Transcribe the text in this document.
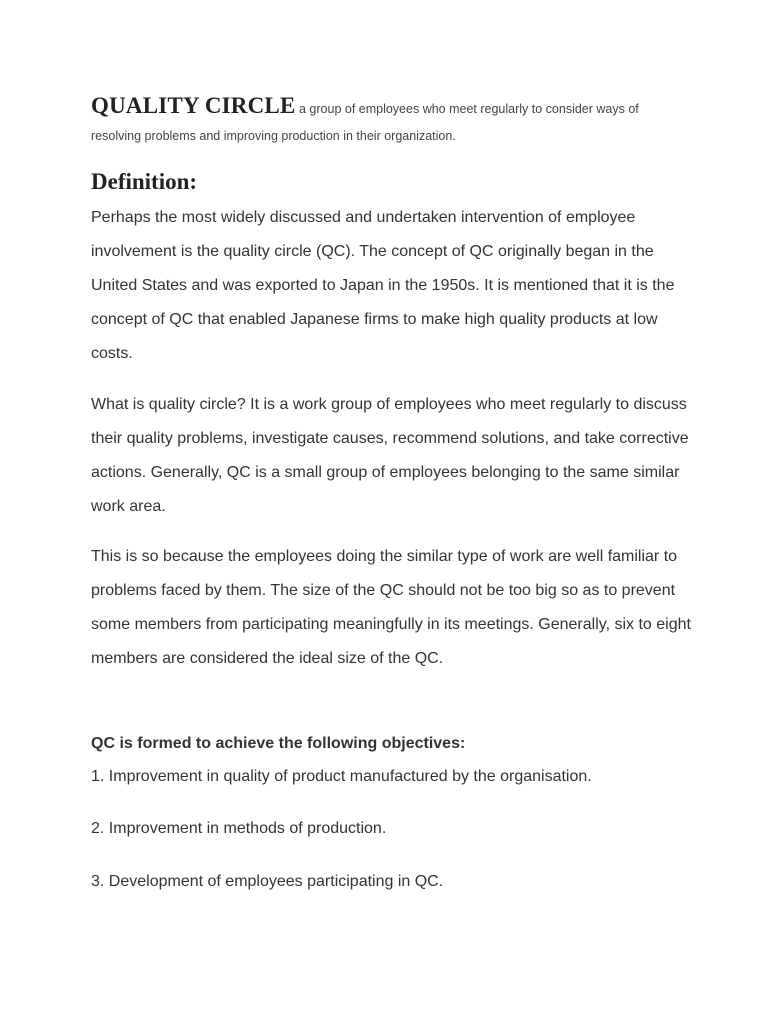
QUALITY CIRCLE a group of employees who meet regularly to consider ways of resolving problems and improving production in their organization.
Definition:

Perhaps the most widely discussed and undertaken intervention of employee involvement is the quality circle (QC). The concept of QC originally began in the United States and was exported to Japan in the 1950s. It is mentioned that it is the concept of QC that enabled Japanese firms to make high quality products at low costs.

What is quality circle? It is a work group of employees who meet regularly to discuss their quality problems, investigate causes, recommend solutions, and take corrective actions. Generally, QC is a small group of employees belonging to the same similar work area.

This is so because the employees doing the similar type of work are well familiar to problems faced by them. The size of the QC should not be too big so as to prevent some members from participating meaningfully in its meetings. Generally, six to eight members are considered the ideal size of the QC.

QC is formed to achieve the following objectives:

1. Improvement in quality of product manufactured by the organisation.

2. Improvement in methods of production.

3. Development of employees participating in QC.
